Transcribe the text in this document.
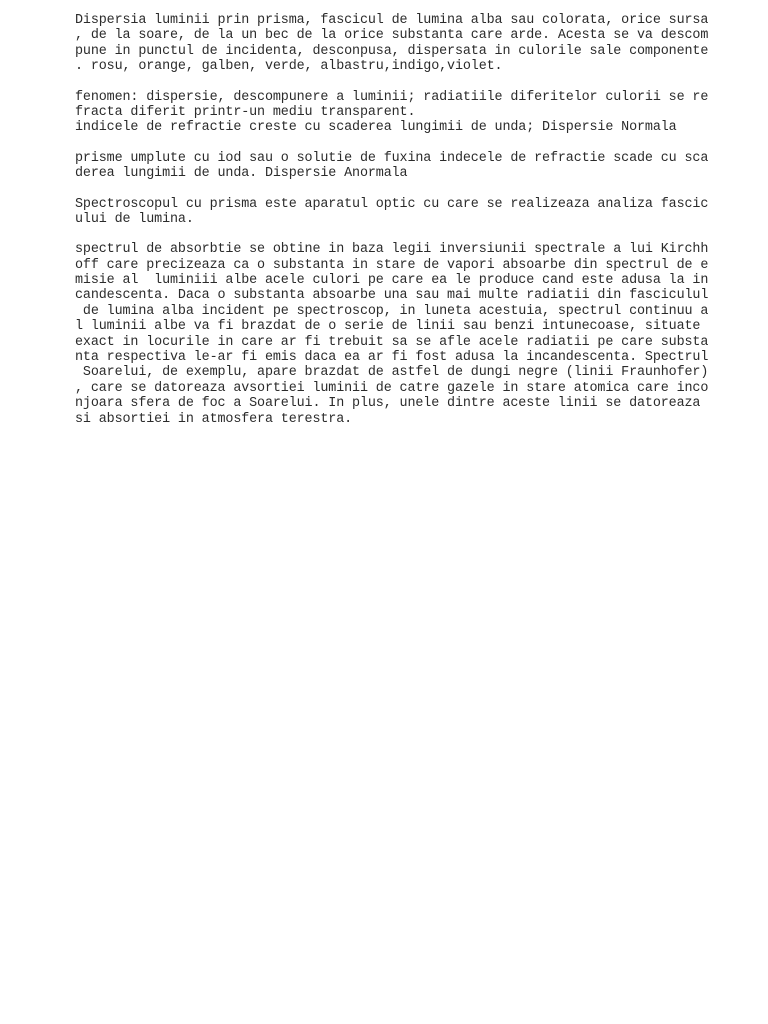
Dispersia luminii prin prisma, fascicul de lumina alba sau colorata, orice sursa
, de la soare, de la un bec de la orice substanta care arde. Acesta se va descom
pune in punctul de incidenta, desconpusa, dispersata in culorile sale componente
. rosu, orange, galben, verde, albastru,indigo,violet.
fenomen: dispersie, descompunere a luminii; radiatiile diferitelor culorii se re
fracta diferit printr-un mediu transparent.
indicele de refractie creste cu scaderea lungimii de unda; Dispersie Normala
prisme umplute cu iod sau o solutie de fuxina indecele de refractie scade cu sca
derea lungimii de unda. Dispersie Anormala
Spectroscopul cu prisma este aparatul optic cu care se realizeaza analiza fascic
ului de lumina.
spectrul de absorbtie se obtine in baza legii inversiunii spectrale a lui Kirchh
off care precizeaza ca o substanta in stare de vapori absoarbe din spectrul de e
misie al  luminiii albe acele culori pe care ea le produce cand este adusa la in
candescenta. Daca o substanta absoarbe una sau mai multe radiatii din fasciculul
de lumina alba incident pe spectroscop, in luneta acestuia, spectrul continuu a
l luminii albe va fi brazdat de o serie de linii sau benzi intunecoase, situate
exact in locurile in care ar fi trebuit sa se afle acele radiatii pe care substa
nta respectiva le-ar fi emis daca ea ar fi fost adusa la incandescenta. Spectrul
Soarelui, de exemplu, apare brazdat de astfel de dungi negre (linii Fraunhofer)
, care se datoreaza avsortiei luminii de catre gazele in stare atomica care inco
njoara sfera de foc a Soarelui. In plus, unele dintre aceste linii se datoreaza
si absortiei in atmosfera terestra.
